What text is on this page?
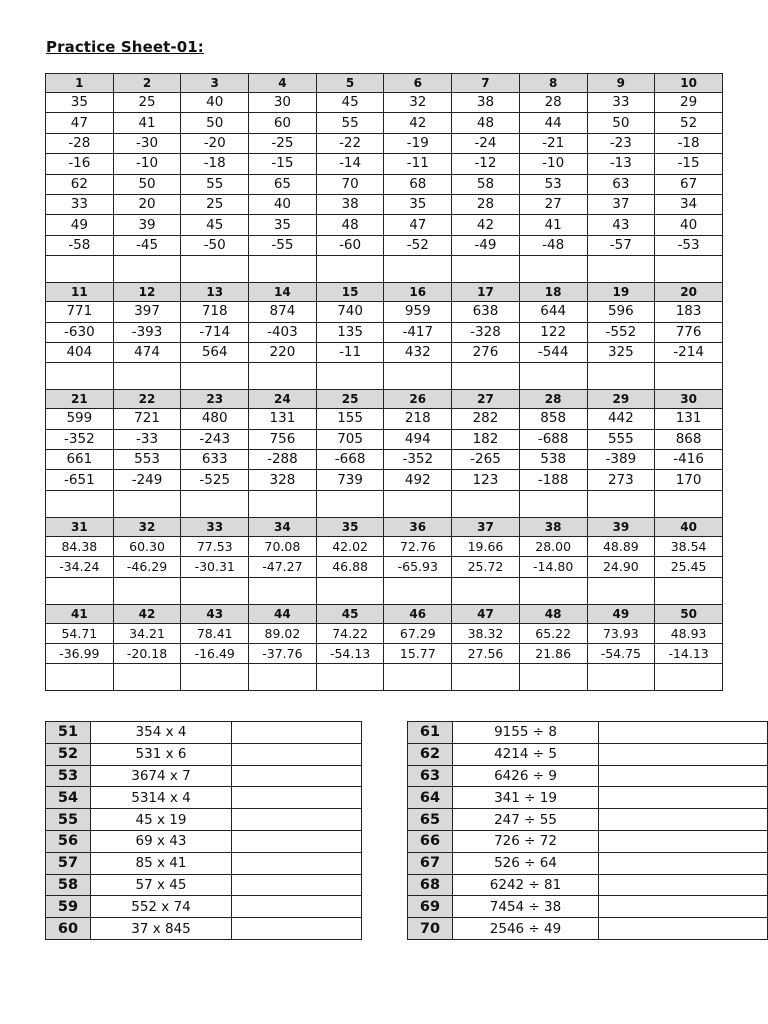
Practice Sheet-01:
1	2	3	4	5	6	7	8	9	10
35	25	40	30	45	32	38	28	33	29
47	41	50	60	55	42	48	44	50	52
-28	-30	-20	-25	-22	-19	-24	-21	-23	-18
-16	-10	-18	-15	-14	-11	-12	-10	-13	-15
62	50	55	65	70	68	58	53	63	67
33	20	25	40	38	35	28	27	37	34
49	39	45	35	48	47	42	41	43	40
-58	-45	-50	-55	-60	-52	-49	-48	-57	-53

11	12	13	14	15	16	17	18	19	20
771	397	718	874	740	959	638	644	596	183
-630	-393	-714	-403	135	-417	-328	122	-552	776
404	474	564	220	-11	432	276	-544	325	-214

21	22	23	24	25	26	27	28	29	30
599	721	480	131	155	218	282	858	442	131
-352	-33	-243	756	705	494	182	-688	555	868
661	553	633	-288	-668	-352	-265	538	-389	-416
-651	-249	-525	328	739	492	123	-188	273	170

31	32	33	34	35	36	37	38	39	40
84.38	60.30	77.53	70.08	42.02	72.76	19.66	28.00	48.89	38.54
-34.24	-46.29	-30.31	-47.27	46.88	-65.93	25.72	-14.80	24.90	25.45

41	42	43	44	45	46	47	48	49	50
54.71	34.21	78.41	89.02	74.22	67.29	38.32	65.22	73.93	48.93
-36.99	-20.18	-16.49	-37.76	-54.13	15.77	27.56	21.86	-54.75	-14.13

51	354 x 4			61	9155 ÷ 8	
52	531 x 6			62	4214 ÷ 5	
53	3674 x 7			63	6426 ÷ 9	
54	5314 x 4			64	341 ÷ 19	
55	45 x 19			65	247 ÷ 55	
56	69 x 43			66	726 ÷ 72	
57	85 x 41			67	526 ÷ 64	
58	57 x 45			68	6242 ÷ 81	
59	552 x 74			69	7454 ÷ 38	
60	37 x 845			70	2546 ÷ 49	
